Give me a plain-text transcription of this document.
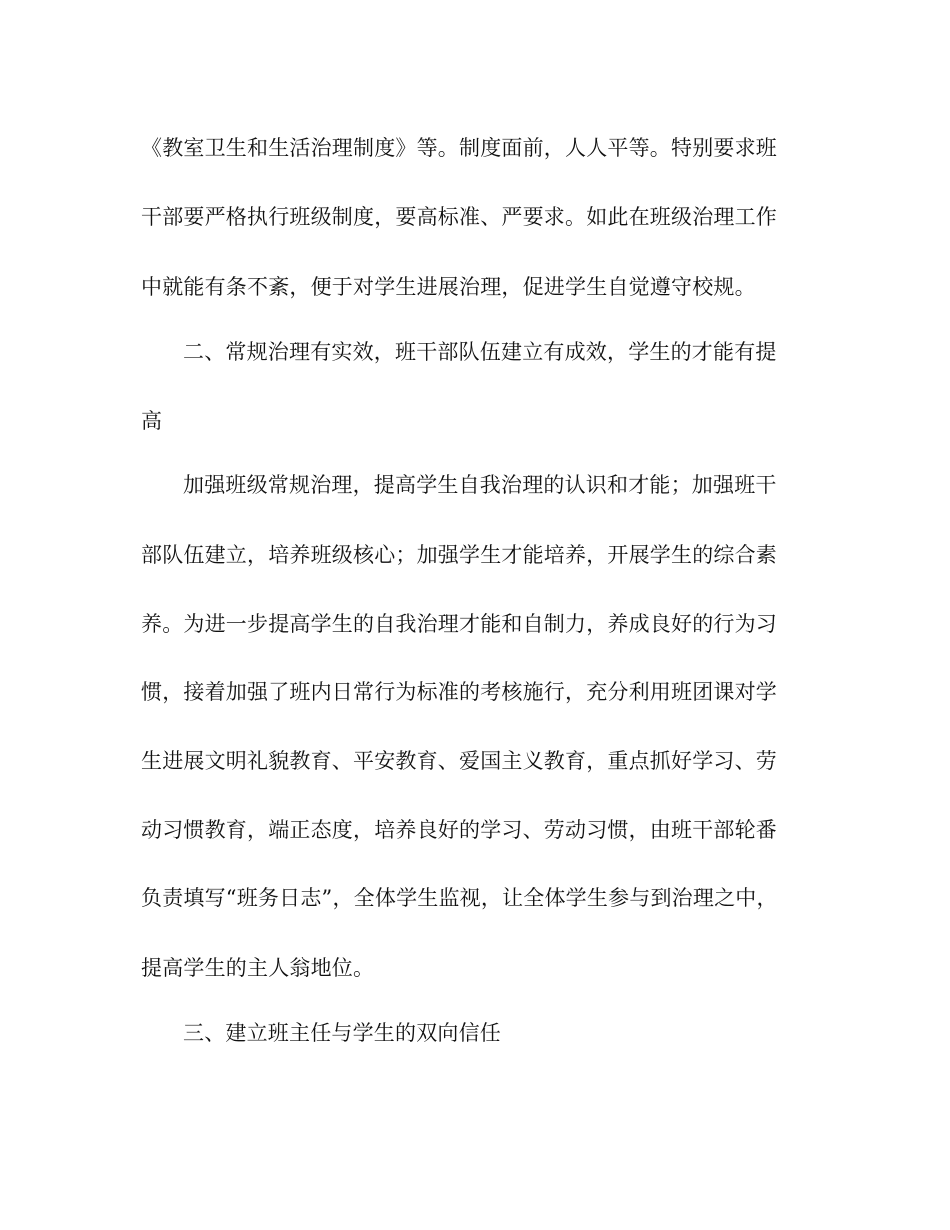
《教室卫生和生活治理制度》等。制度面前，人人平等。特别要求班
干部要严格执行班级制度，要高标准、严要求。如此在班级治理工作
中就能有条不紊，便于对学生进展治理，促进学生自觉遵守校规。
二、常规治理有实效，班干部队伍建立有成效，学生的才能有提
高
加强班级常规治理，提高学生自我治理的认识和才能；加强班干
部队伍建立，培养班级核心；加强学生才能培养，开展学生的综合素
养。为进一步提高学生的自我治理才能和自制力，养成良好的行为习
惯，接着加强了班内日常行为标准的考核施行，充分利用班团课对学
生进展文明礼貌教育、平安教育、爱国主义教育，重点抓好学习、劳
动习惯教育，端正态度，培养良好的学习、劳动习惯，由班干部轮番
负责填写“班务日志”，全体学生监视，让全体学生参与到治理之中，
提高学生的主人翁地位。
三、建立班主任与学生的双向信任
